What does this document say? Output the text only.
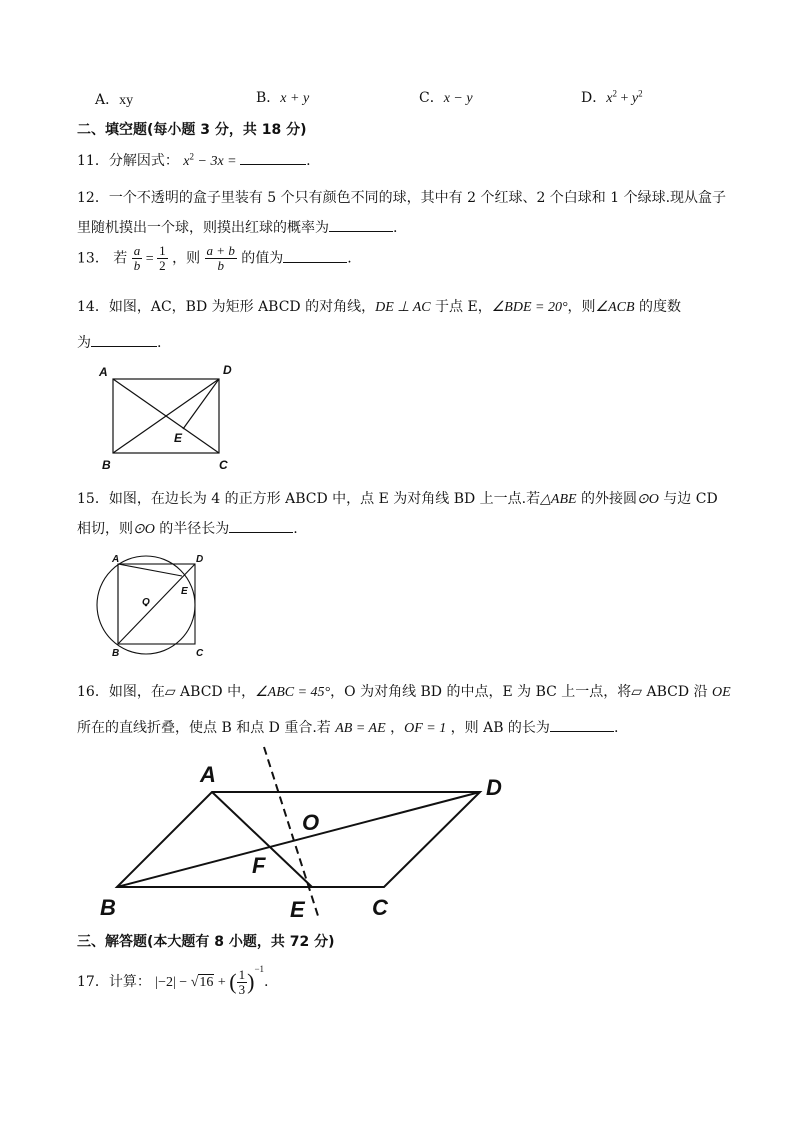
A．xy	B．x + y	C．x − y	D．$x^2 + y^2$
二、填空题(每小题 3 分，共 18 分)
11．分解因式： $x^2 - 3x$ =	.
12．一个不透明的盒子里装有 5 个只有颜色不同的球，其中有 2 个红球、2 个白球和 1 个绿球.现从盒子
里随机摸出一个球，则摸出红球的概率为	.
13． 若 $\frac{a}{b} = \frac{1}{2}$ ，则 $\frac{a + b}{b}$ 的值为	.
14．如图，AC，BD 为矩形 ABCD 的对角线，DE ⊥ AC 于点 E，∠BDE = 20°，则∠ACB 的度数
为	.
A	D
B	C
E
15．如图，在边长为 4 的正方形 ABCD 中，点 E 为对角线 BD 上一点.若△ABE 的外接圆⊙O 与边 CD
相切，则⊙O 的半径长为	.
A	D
B	C
E
O
16．如图，在▱ ABCD 中，∠ABC = 45°，O 为对角线 BD 的中点，E 为 BC 上一点，将▱ ABCD 沿 OE
所在的直线折叠，使点 B 和点 D 重合.若 AB = AE ，OF = 1 ，则 AB 的长为	.
A
D
B	C
E
F
O
三、解答题(本大题有 8 小题，共 72 分)
17．计算： |−2| − √16 + ( $\frac{1}{3} )^{-1}$.
